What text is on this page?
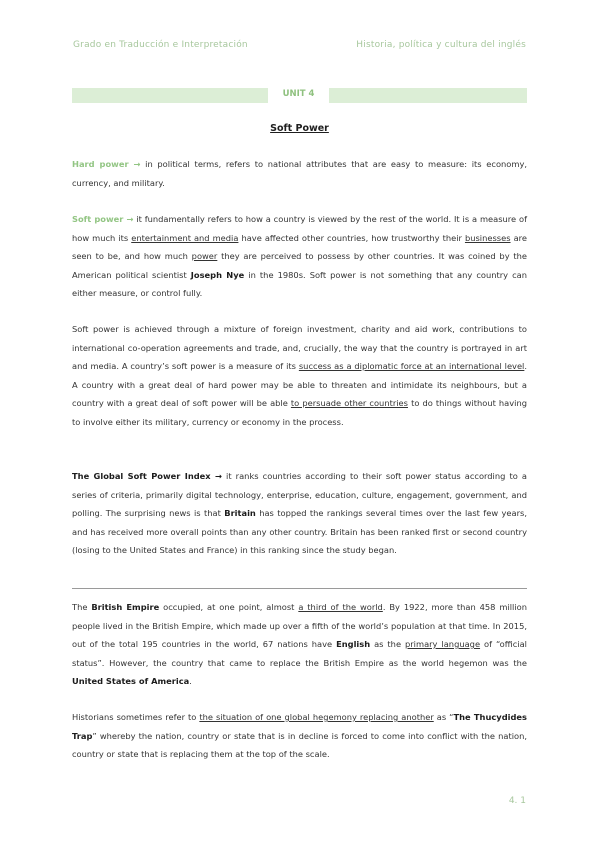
Grado en Traducción e Interpretación	Historia, política y cultura del inglés
UNIT 4
Soft Power
Hard power → in political terms, refers to national attributes that are easy to measure: its economy, currency, and military.
Soft power → it fundamentally refers to how a country is viewed by the rest of the world. It is a measure of how much its entertainment and media have affected other countries, how trustworthy their businesses are seen to be, and how much power they are perceived to possess by other countries. It was coined by the American political scientist Joseph Nye in the 1980s. Soft power is not something that any country can either measure, or control fully.
Soft power is achieved through a mixture of foreign investment, charity and aid work, contributions to international co-operation agreements and trade, and, crucially, the way that the country is portrayed in art and media. A country’s soft power is a measure of its success as a diplomatic force at an international level. A country with a great deal of hard power may be able to threaten and intimidate its neighbours, but a country with a great deal of soft power will be able to persuade other countries to do things without having to involve either its military, currency or economy in the process.
The Global Soft Power Index → it ranks countries according to their soft power status according to a series of criteria, primarily digital technology, enterprise, education, culture, engagement, government, and polling. The surprising news is that Britain has topped the rankings several times over the last few years, and has received more overall points than any other country. Britain has been ranked first or second country (losing to the United States and France) in this ranking since the study began.
The British Empire occupied, at one point, almost a third of the world. By 1922, more than 458 million people lived in the British Empire, which made up over a fifth of the world’s population at that time. In 2015, out of the total 195 countries in the world, 67 nations have English as the primary language of “official status”. However, the country that came to replace the British Empire as the world hegemon was the United States of America.
Historians sometimes refer to the situation of one global hegemony replacing another as “The Thucydides Trap” whereby the nation, country or state that is in decline is forced to come into conflict with the nation, country or state that is replacing them at the top of the scale.
4. 1
